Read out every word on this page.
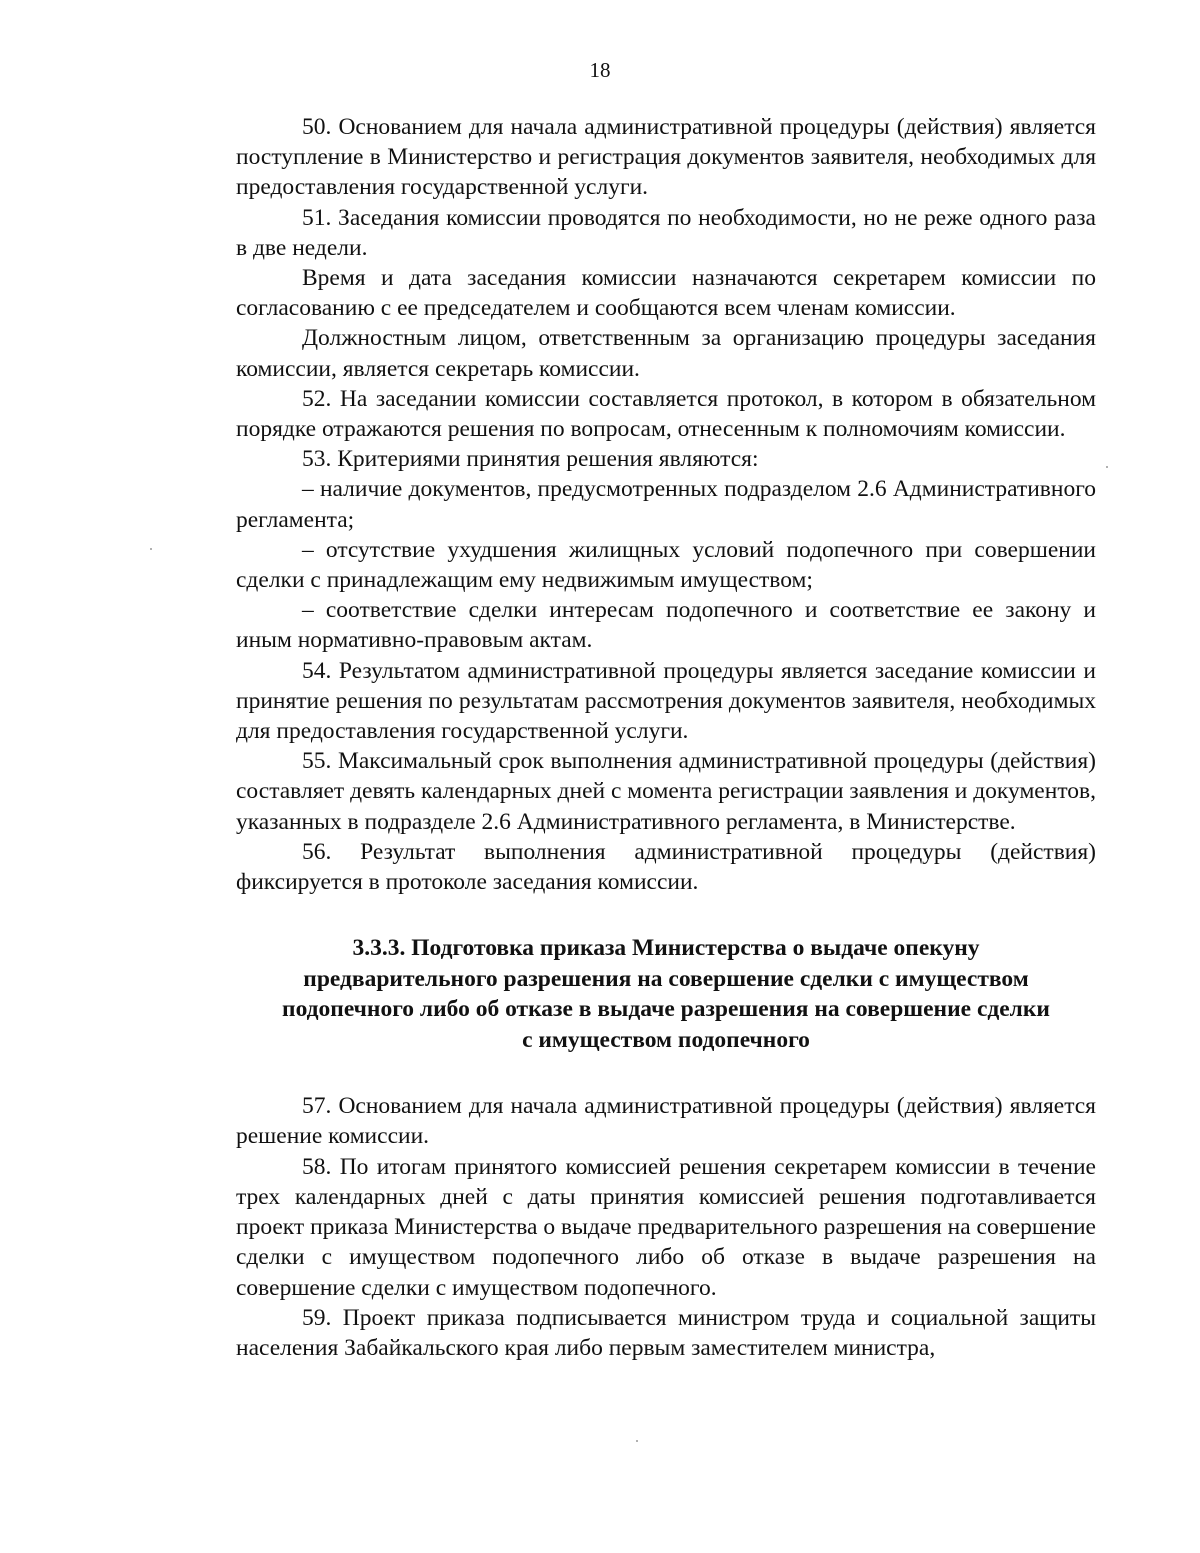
18

50. Основанием для начала административной процедуры (действия) является поступление в Министерство и регистрация документов заявителя, необходимых для предоставления государственной услуги.

51. Заседания комиссии проводятся по необходимости, но не реже одного раза в две недели.

Время и дата заседания комиссии назначаются секретарем комиссии по согласованию с ее председателем и сообщаются всем членам комиссии.

Должностным лицом, ответственным за организацию процедуры заседания комиссии, является секретарь комиссии.

52. На заседании комиссии составляется протокол, в котором в обязательном порядке отражаются решения по вопросам, отнесенным к полномочиям комиссии.

53. Критериями принятия решения являются:

– наличие документов, предусмотренных подразделом 2.6 Административного регламента;

– отсутствие ухудшения жилищных условий подопечного при совершении сделки с принадлежащим ему недвижимым имуществом;

– соответствие сделки интересам подопечного и соответствие ее закону и иным нормативно-правовым актам.

54. Результатом административной процедуры является заседание комиссии и принятие решения по результатам рассмотрения документов заявителя, необходимых для предоставления государственной услуги.

55. Максимальный срок выполнения административной процедуры (действия) составляет девять календарных дней с момента регистрации заявления и документов, указанных в подразделе 2.6 Административного регламента, в Министерстве.

56. Результат выполнения административной процедуры (действия) фиксируется в протоколе заседания комиссии.

3.3.3. Подготовка приказа Министерства о выдаче опекуну
предварительного разрешения на совершение сделки с имуществом
подопечного либо об отказе в выдаче разрешения на совершение сделки
с имуществом подопечного

57. Основанием для начала административной процедуры (действия) является решение комиссии.

58. По итогам принятого комиссией решения секретарем комиссии в течение трех календарных дней с даты принятия комиссией решения подготавливается проект приказа Министерства о выдаче предварительного разрешения на совершение сделки с имуществом подопечного либо об отказе в выдаче разрешения на совершение сделки с имуществом подопечного.

59. Проект приказа подписывается министром труда и социальной защиты населения Забайкальского края либо первым заместителем министра,
